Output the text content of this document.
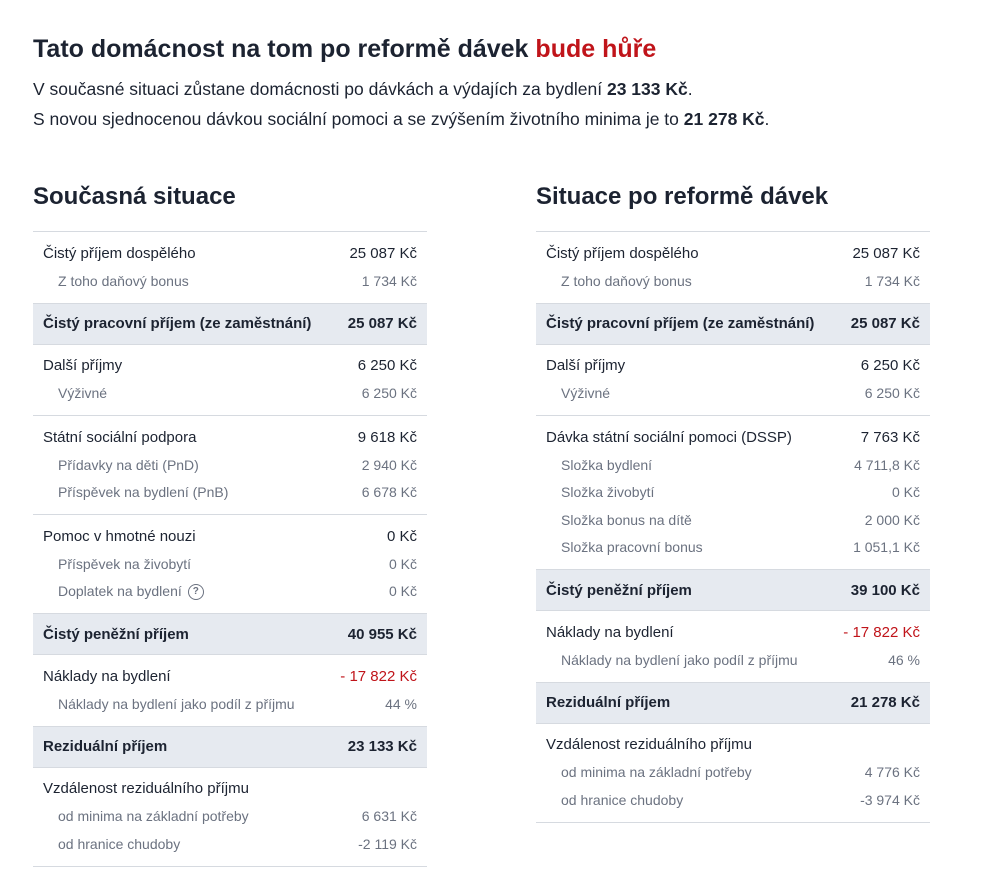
Tato domácnost na tom po reformě dávek bude hůře

V současné situaci zůstane domácnosti po dávkách a výdajích za bydlení 23 133 Kč.
S novou sjednocenou dávkou sociální pomoci a se zvýšením životního minima je to 21 278 Kč.

Současná situace
Čistý příjem dospělého	25 087 Kč
Z toho daňový bonus	1 734 Kč
Čistý pracovní příjem (ze zaměstnání) 25 087 Kč
Další příjmy	6 250 Kč
Výživné	6 250 Kč
Státní sociální podpora	9 618 Kč
Přídavky na děti (PnD)	2 940 Kč
Příspěvek na bydlení (PnB)	6 678 Kč
Pomoc v hmotné nouzi	0 Kč
Příspěvek na živobytí	0 Kč
Doplatek na bydlení ?	0 Kč
Čistý peněžní příjem	40 955 Kč
Náklady na bydlení	- 17 822 Kč
Náklady na bydlení jako podíl z příjmu	44 %
Reziduální příjem	23 133 Kč
Vzdálenost reziduálního příjmu
od minima na základní potřeby	6 631 Kč
od hranice chudoby	-2 119 Kč
Situace po reformě dávek
Čistý příjem dospělého	25 087 Kč
Z toho daňový bonus	1 734 Kč
Čistý pracovní příjem (ze zaměstnání) 25 087 Kč
Další příjmy	6 250 Kč
Výživné	6 250 Kč
Dávka státní sociální pomoci (DSSP)	7 763 Kč
Složka bydlení	4 711,8 Kč
Složka živobytí	0 Kč
Složka bonus na dítě	2 000 Kč
Složka pracovní bonus	1 051,1 Kč
Čistý peněžní příjem	39 100 Kč
Náklady na bydlení	- 17 822 Kč
Náklady na bydlení jako podíl z příjmu	46 %
Reziduální příjem	21 278 Kč
Vzdálenost reziduálního příjmu
od minima na základní potřeby	4 776 Kč
od hranice chudoby	-3 974 Kč
